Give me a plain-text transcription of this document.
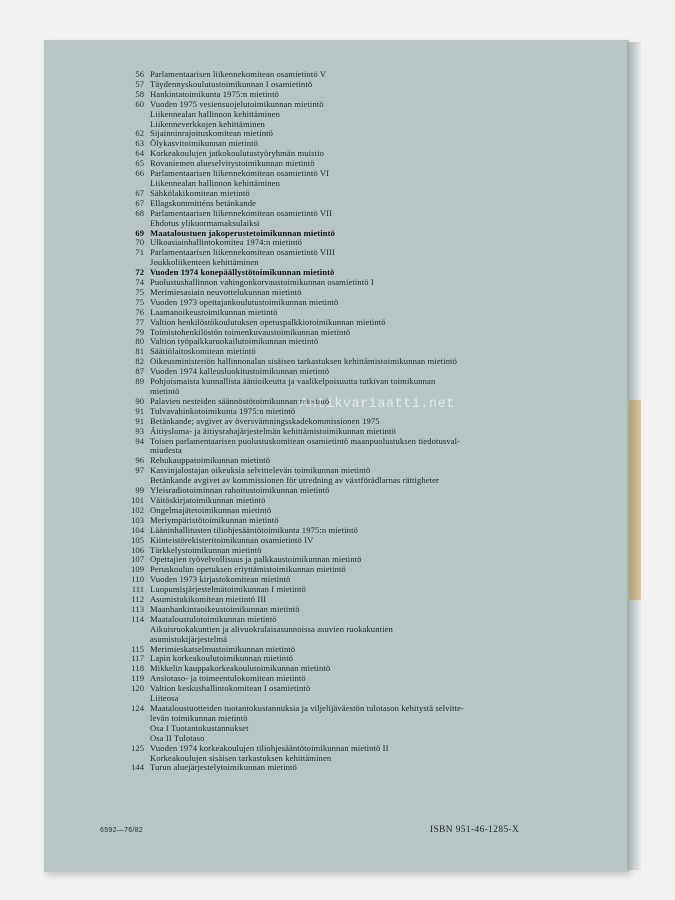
56 Parlamentaarisen liikennekomitean osamietintö V
57 Täydennyskoulutustoimikunnan I osamietintö
58 Hankintatoimikunta 1975:n mietintö
60 Vuoden 1975 vesiensuojelutoimikunnan mietintö
Liikennealan hallinnon kehittäminen
Liikenneverkkojen kehittäminen
62 Sijainninrajoituskomitean mietintö
63 Ölykasvitoimikunnan mietintö
64 Korkeakoulujen jatkokoulutustyöryhmän muistio
65 Rovaniemen alueselvitystoimikunnan mietintö
66 Parlamentaarisen liikennekomitean osamietintö VI
Liikennealan hallinnon kehittäminen
67 Sähkölakikomitean mietintö
67 Ellagskommitténs betänkande
68 Parlamentaarisen liikennekomitean osamietintö VII
Ehdotus ylikuormamaksulaiksi
69 Maataloustuen jakoperustetoimikunnan mietintö
70 Ulkoasiainhallintokomitea 1974:n mietintö
71 Parlamentaarisen liikennekomitean osamietintö VIII
Joukkoliikenteen kehittäminen
72 Vuoden 1974 konepäällystötoimikunnan mietintö
74 Puolustushallinnon vahingonkorvaustoimikunnan osamietintö I
75 Merimiesasiain neuvottelukunnan mietintö
75 Vuoden 1973 opettajankoulutustoimikunnan mietintö
76 Laamanoikeustoimikunnan mietintö
77 Valtion henkilöstökoulutuksen opetuspalkkiotoimikunnan mietintö
79 Toimistohenkilöstön toimenkuvaustoimikunnan mietintö
80 Valtion työpaikkaruokailutoimikunnan mietintö
81 Säätiölaitoskomitean mietintö
82 Oikeusministeriön hallinnonalan sisäisen tarkastuksen kehittämistoimikunnan mietintö
87 Vuoden 1974 kalleusluokitustoimikunnan mietintö
89 Pohjoismaista kunnallista äänioikeutta ja vaalikelpoisuutta tutkivan toimikunnan
mietintö
90 Palavien nesteiden säännöstötoimikunnan mietintö
91 Tulvavahinkotoimikunta 1975:n mietintö
91 Betänkande; avgivet av översvämningsskadekommissionen 1975
93 Äitiysloma- ja äitiysrahajärjestelmän kehittämistoimikunnan mietintö
94 Toisen parlamentaarisen puolustuskomitean osamietintö maanpuolustuksen tiedotusval-
miudesta
96 Rehukauppatoimikunnan mietintö
97 Kasvinjalostajan oikeuksia selvittelevän toimikunnan mietintö
Betänkande avgivet av kommissionen för utredning av växtförädlarnas rättigheter
99 Yleisradiotoiminnan rahoitustoimikunnan mietintö
101 Väitöskirjatoimikunnan mietintö
102 Ongelmajätetoimikunnan mietintö
103 Meriympäristötoimikunnan mietintö
104 Lääninhallitusten tiliohjesääntötoimikunta 1975:n mietintö
105 Kiinteistörekisteritoimikunnan osamietintö IV
106 Tärkkelystoimikunnan mietintö
107 Opettajien työvelvollisuus ja palkkaustoimikunnan mietintö
109 Peruskoulun opetuksen eriyttämistoimikunnan mietintö
110 Vuoden 1973 kirjastokomitean mietintö
111 Luopumisjärjestelmätoimikunnan I mietintö
112 Asumistukikomitean mietintö III
113 Maanhankintaoikeustoimikunnan mietintö
114 Maataloustulotoimikunnan mietintö
Aikuisruokakuntien ja alivuokralaisasunnoissa asuvien ruokakuntien
asumistukijärjestelmä
115 Merimieskatselmustoimikunnan mietintö
117 Lapin korkeakoulutoimikunnan mietintö
118 Mikkelin kauppakorkeakoulutoimikunnan mietintö
119 Ansiotaso- ja toimeentulokomitean mietintö
120 Valtion keskushallintokomitean I osamietintö
Liiteosa
124 Maataloustuotteiden tuotantokustannuksia ja viljelijäväestön tulotason kehitystä selvitte-
levän toimikunnan mietintö
Osa I Tuotantokustannukset
Osa II Tulotaso
125 Vuoden 1974 korkeakoulujen tiliohjesääntötoimikunnan mietintö II
Korkeakoulujen sisäisen tarkastuksen kehittäminen
144 Turun aluejärjestelytoimikunnan mietintö
Antikvariaatti.net
6592—76/82	ISBN 951-46-1285-X
